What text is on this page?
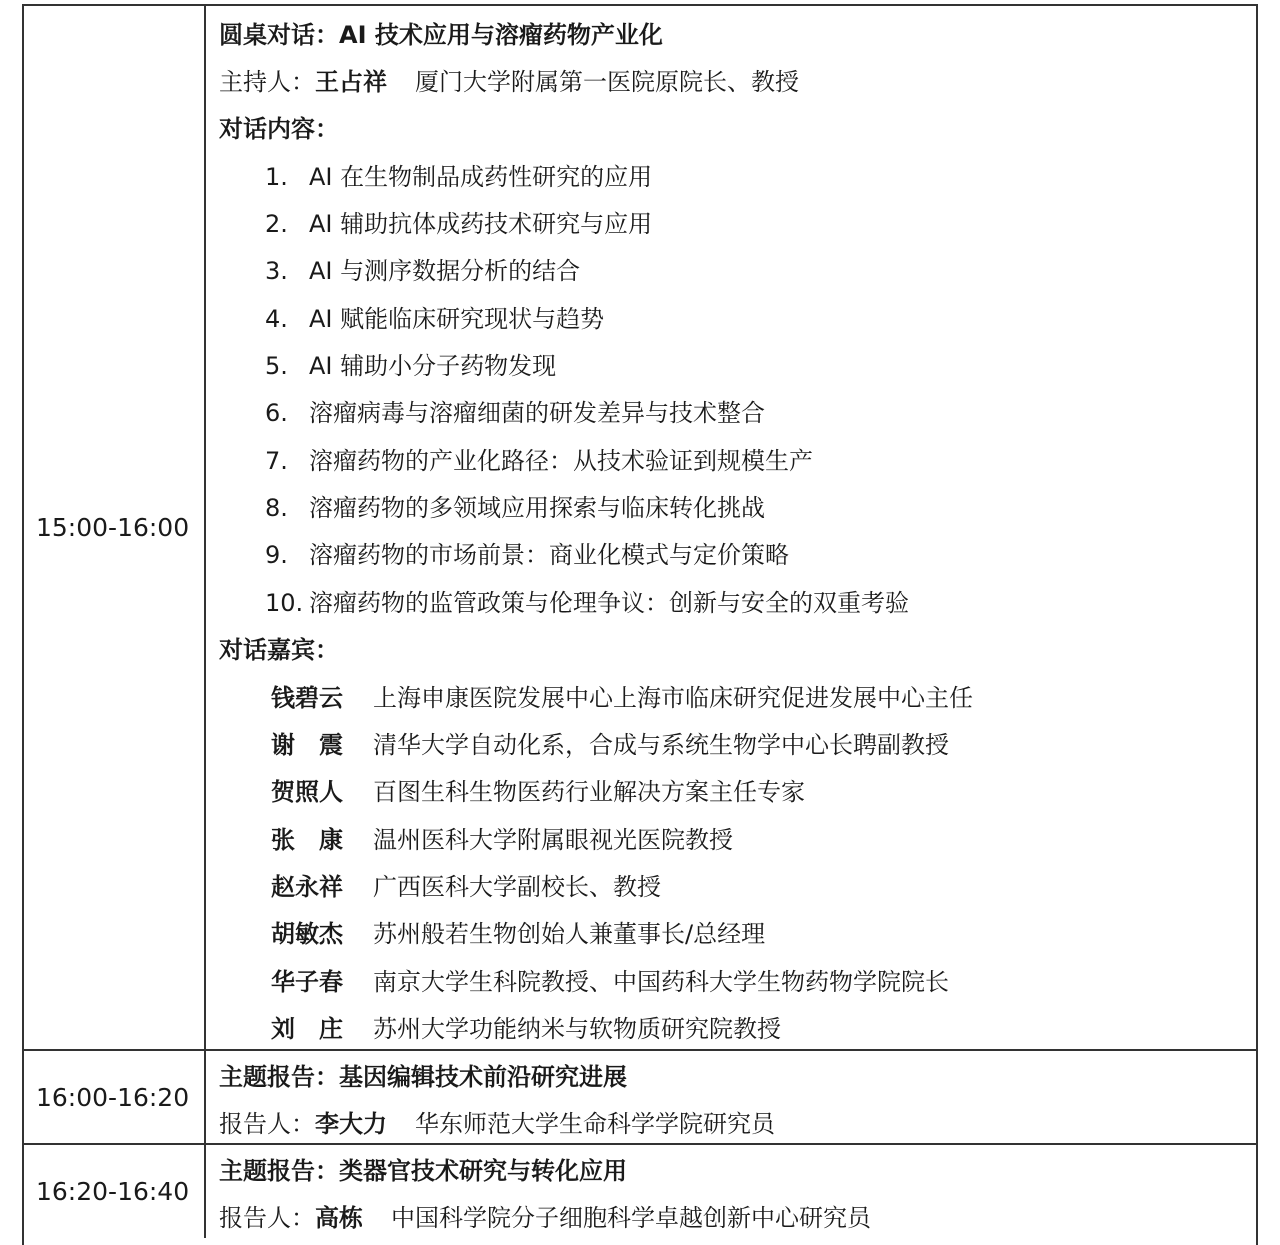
15:00-16:00
圆桌对话：AI 技术应用与溶瘤药物产业化
主持人：王占祥 厦门大学附属第一医院原院长、教授
对话内容：
1. AI 在生物制品成药性研究的应用
2. AI 辅助抗体成药技术研究与应用
3. AI 与测序数据分析的结合
4. AI 赋能临床研究现状与趋势
5. AI 辅助小分子药物发现
6. 溶瘤病毒与溶瘤细菌的研发差异与技术整合
7. 溶瘤药物的产业化路径：从技术验证到规模生产
8. 溶瘤药物的多领域应用探索与临床转化挑战
9. 溶瘤药物的市场前景：商业化模式与定价策略
10. 溶瘤药物的监管政策与伦理争议：创新与安全的双重考验
对话嘉宾：
钱碧云 上海申康医院发展中心上海市临床研究促进发展中心主任
谢　震 清华大学自动化系，合成与系统生物学中心长聘副教授
贺照人 百图生科生物医药行业解决方案主任专家
张　康 温州医科大学附属眼视光医院教授
赵永祥 广西医科大学副校长、教授
胡敏杰 苏州般若生物创始人兼董事长/总经理
华子春 南京大学生科院教授、中国药科大学生物药物学院院长
刘　庄 苏州大学功能纳米与软物质研究院教授
16:00-16:20
主题报告：基因编辑技术前沿研究进展
报告人：李大力 华东师范大学生命科学学院研究员
16:20-16:40
主题报告：类器官技术研究与转化应用
报告人：高栋 中国科学院分子细胞科学卓越创新中心研究员
